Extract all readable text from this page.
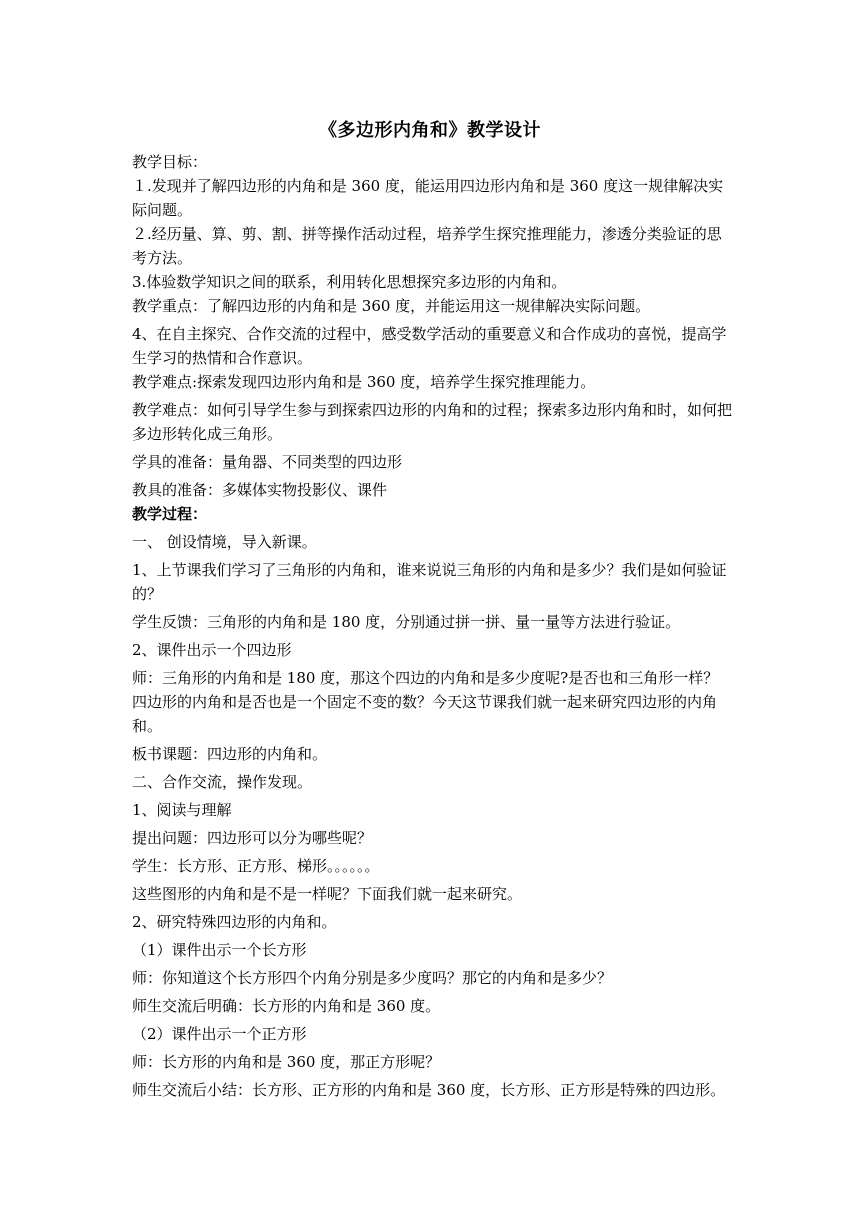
《多边形内角和》教学设计

教学目标：

１.发现并了解四边形的内角和是 360 度，能运用四边形内角和是 360 度这一规律解决实际问题。

２.经历量、算、剪、割、拼等操作活动过程，培养学生探究推理能力，渗透分类验证的思考方法。

3.体验数学知识之间的联系，利用转化思想探究多边形的内角和。

教学重点：了解四边形的内角和是 360 度，并能运用这一规律解决实际问题。

4、在自主探究、合作交流的过程中，感受数学活动的重要意义和合作成功的喜悦，提高学生学习的热情和合作意识。

教学难点:探索发现四边形内角和是 360 度，培养学生探究推理能力。

教学难点：如何引导学生参与到探索四边形的内角和的过程；探索多边形内角和时，如何把多边形转化成三角形。

学具的准备：量角器、不同类型的四边形

教具的准备：多媒体实物投影仪、课件

教学过程：

一、 创设情境，导入新课。

1、上节课我们学习了三角形的内角和，谁来说说三角形的内角和是多少？我们是如何验证的？

学生反馈：三角形的内角和是 180 度，分别通过拼一拼、量一量等方法进行验证。

2、课件出示一个四边形

师：三角形的内角和是 180 度，那这个四边的内角和是多少度呢?是否也和三角形一样？四边形的内角和是否也是一个固定不变的数？今天这节课我们就一起来研究四边形的内角和。

板书课题：四边形的内角和。

二、合作交流，操作发现。

1、阅读与理解

提出问题：四边形可以分为哪些呢？

学生：长方形、正方形、梯形。。。。。。

这些图形的内角和是不是一样呢？下面我们就一起来研究。

2、研究特殊四边形的内角和。

（1）课件出示一个长方形

师：你知道这个长方形四个内角分别是多少度吗？那它的内角和是多少？

师生交流后明确：长方形的内角和是 360 度。

（2）课件出示一个正方形

师：长方形的内角和是 360 度，那正方形呢？

师生交流后小结：长方形、正方形的内角和是 360 度，长方形、正方形是特殊的四边形。
